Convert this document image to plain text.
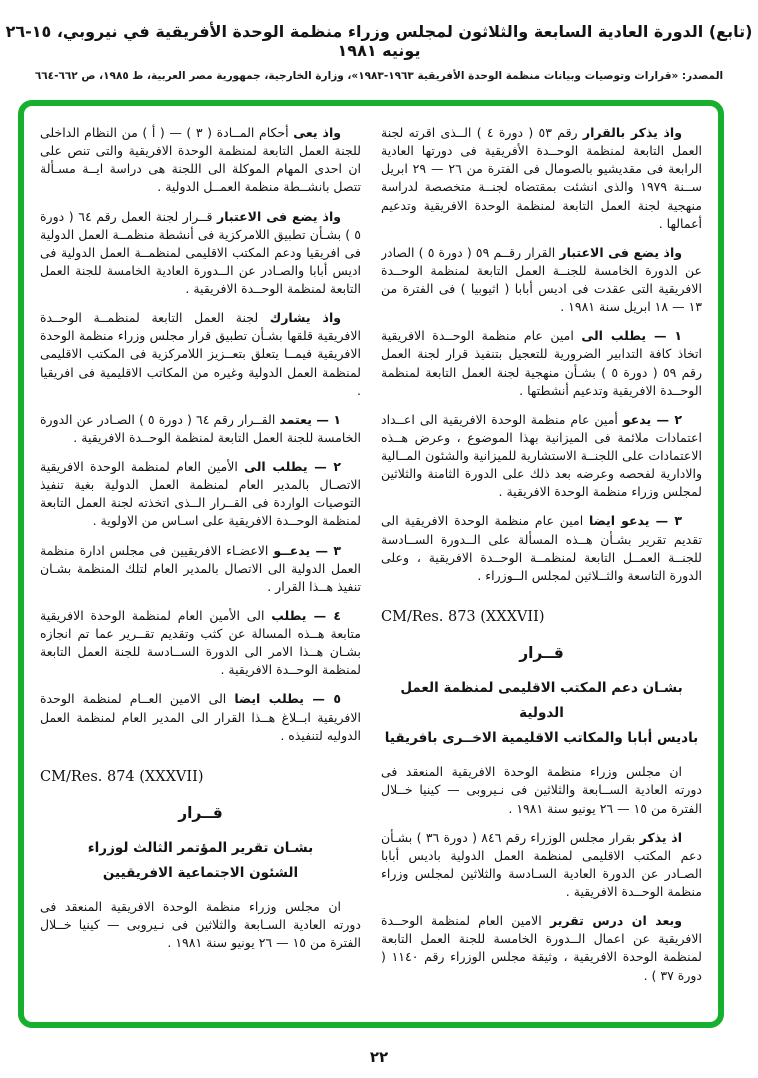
(تابع) الدورة العادية السابعة والثلاثون لمجلس وزراء منظمة الوحدة الأفريقية في نيروبي، ١٥-٢٦ يونيه ١٩٨١
المصدر: «قرارات وتوصيات وبيانات منظمة الوحدة الأفريقية ١٩٦٣-١٩٨٣»، وزارة الخارجية، جمهورية مصر العربية، ط ١٩٨٥، ص ٦٦٢-٦٦٤
واذ يذكر بالقرار رقم ٥٣ ( دورة ٤ ) الــذى اقرته لجنة العمل التابعة لمنظمة الوحــدة الأفريقية فى دورتها العادية الرابعة فى مقديشيو بالصومال فى الفترة من ٢٦ — ٢٩ ابريل ســنة ١٩٧٩ والذى انشئت بمقتضاه لجنــة متخصصة لدراسة منهجية لجنة العمل التابعة لمنظمة الوحدة الافريقية وتدعيم أعمالها .
واذ يضع فى الاعتبار القرار رقــم ٥٩ ( دورة ٥ ) الصادر عن الدورة الخامسة للجنــة العمل التابعة لمنظمة الوحــدة الافريقية التى عقدت فى اديس أبابا ( اثيوبيا ) فى الفترة من ١٣ — ١٨ ابريل سنة ١٩٨١ .
١ — يطلب الى امين عام منظمة الوحــدة الافريقية اتخاذ كافة التدابير الضرورية للتعجيل بتنفيذ قرار لجنة العمل رقم ٥٩ ( دورة ٥ ) بشـأن منهجية لجنة العمل التابعة لمنظمة الوحــدة الافريقية وتدعيم أنشطتها .
٢ — يدعو أمين عام منظمة الوحدة الافريقية الى اعــداد اعتمادات ملائمة فى الميزانية بهذا الموضوع ، وعرض هــذه الاعتمادات على اللجنــة الاستشارية للميزانية والشئون المــالية والادارية لفحصه وعرضه بعد ذلك على الدورة الثامنة والثلاثين لمجلس وزراء منظمة الوحدة الافريقية .
٣ — يدعو ايضا امين عام منظمة الوحدة الافريقية الى تقديم تقرير بشـأن هــذه المسألة على الــدورة الســادسة للجنــة العمــل التابعة لمنظمــة الوحــدة الافريقية ، وعلى الدورة التاسعة والثــلاثين لمجلس الــوزراء .
CM/Res. 873 (XXXVII)
قــرار
بشـان دعم المكتب الاقليمى لمنظمة العمل الدولية
باديس أبابا والمكاتب الاقليمية الاخــرى بافريقيا
ان مجلس وزراء منظمة الوحدة الافريقية المنعقد فى دورته العادية الســابعة والثلاثين فى نـيروبى — كينيا خــلال الفترة من ١٥ — ٢٦ يونيو سنة ١٩٨١ .
اذ يذكر بقرار مجلس الوزراء رقم ٨٤٦ ( دورة ٣٦ ) بشـأن دعم المكتب الاقليمى لمنظمة العمل الدولية باديس أبابا الصـادر عن الدورة العادية السـادسة والثلاثين لمجلس وزراء منظمة الوحــدة الافريقية .
وبعد ان درس تقرير الامين العام لمنظمة الوحــدة الافريقية عن اعمال الــدورة الخامسة للجنة العمل التابعة لمنظمة الوحدة الافريقية ، وثيقة مجلس الوزراء رقم ١١٤٠ ( دورة ٣٧ ) .
واذ يعى أحكام المــادة ( ٣ ) — ( أ ) من النظام الداخلى للجنة العمل التابعة لمنظمة الوحدة الافريقية والتى تنص على ان احدى المهام الموكلة الى اللجنة هى دراسة ايــة مسـألة تتصل بانشــطة منظمة العمــل الدولية .
واذ يضع فى الاعتبار قــرار لجنة العمل رقم ٦٤ ( دورة ٥ ) بشـأن تطبيق اللامركزية فى أنشطة منظمــة العمل الدولية فى افريقيا ودعم المكتب الاقليمى لمنظمــة العمل الدولية فى اديس أبابا والصـادر عن الــدورة العادية الخامسة للجنة العمل التابعة لمنظمة الوحــدة الافريقية .
واذ يشارك لجنة العمل التابعة لمنظمــة الوحــدة الافريقية قلقها بشـأن تطبيق قرار مجلس وزراء منظمة الوحدة الافريقية فيمــا يتعلق بتعــزيز اللامركزية فى المكتب الاقليمى لمنظمة العمل الدولية وغيره من المكاتب الاقليمية فى افريقيا .
١ — يعتمد القــرار رقم ٦٤ ( دورة ٥ ) الصـادر عن الدورة الخامسة للجنة العمل التابعة لمنظمة الوحــدة الافريقية .
٢ — يطلب الى الأمين العام لمنظمة الوحدة الافريقية الاتصـال بالمدير العام لمنظمة العمل الدولية بغية تنفيذ التوصيات الواردة فى القــرار الــذى اتخذته لجنة العمل التابعة لمنظمة الوحــدة الافريقية على اسـاس من الاولوية .
٣ — يدعــو الاعضـاء الافريقيين فى مجلس ادارة منظمة العمل الدولية الى الاتصال بالمدير العام لتلك المنظمة بشـان تنفيذ هــذا القرار .
٤ — يطلب الى الأمين العام لمنظمة الوحدة الافريقية متابعة هــذه المسالة عن كثب وتقديم تقــرير عما تم انجازه بشـان هــذا الامر الى الدورة الســادسة للجنة العمل التابعة لمنظمة الوحــدة الافريقية .
٥ — يطلب ايضا الى الامين العــام لمنظمة الوحدة الافريقية ابــلاغ هــذا القرار الى المدير العام لمنظمة العمل الدوليه لتنفيذه .
CM/Res. 874 (XXXVII)
قــرار
بشـان تقرير المؤتمر الثالث لوزراء
الشئون الاجتماعية الافريقيين
ان مجلس وزراء منظمة الوحدة الافريقية المنعقد فى دورته العادية السـابعة والثلاثين فى نـيروبى — كينيا خــلال الفترة من ١٥ — ٢٦ يونيو سنة ١٩٨١ .
٢٢
